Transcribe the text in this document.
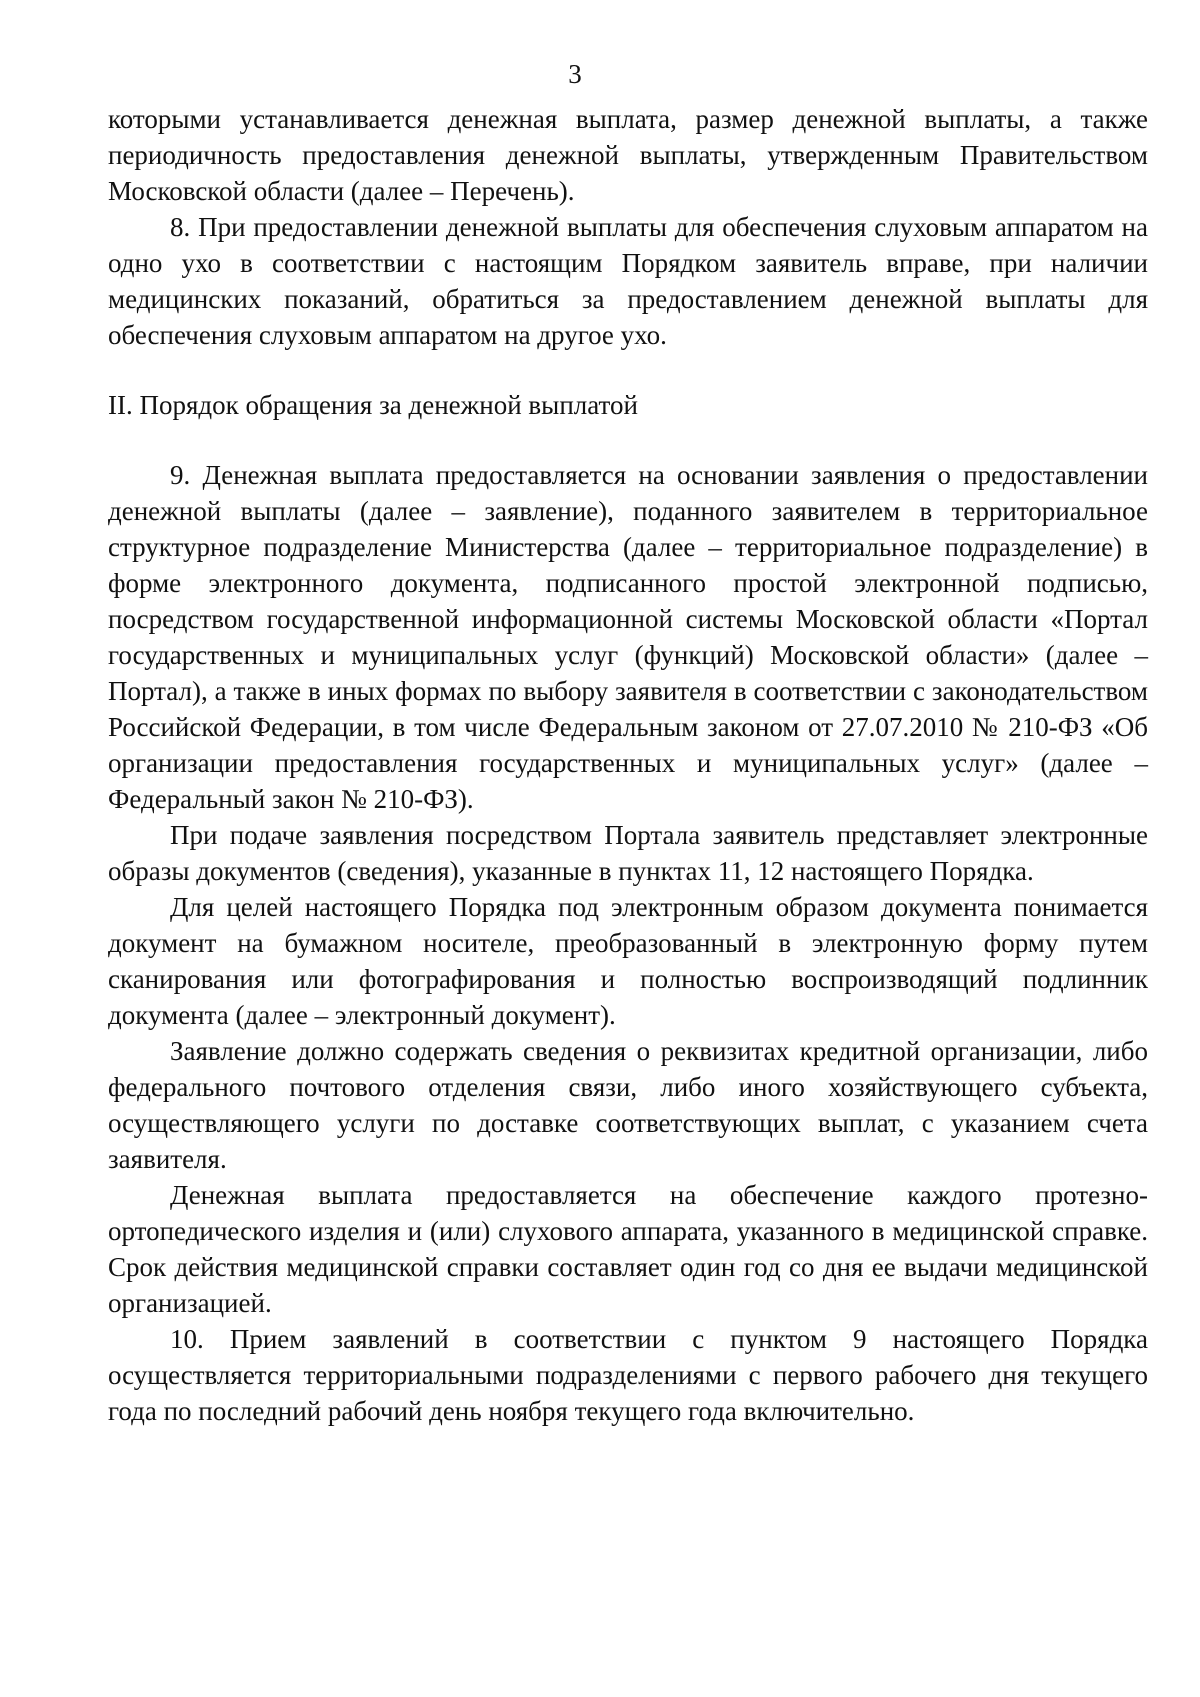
3

которыми устанавливается денежная выплата, размер денежной выплаты, а также периодичность предоставления денежной выплаты, утвержденным Правительством Московской области (далее – Перечень).

8. При предоставлении денежной выплаты для обеспечения слуховым аппаратом на одно ухо в соответствии с настоящим Порядком заявитель вправе, при наличии медицинских показаний, обратиться за предоставлением денежной выплаты для обеспечения слуховым аппаратом на другое ухо.

II. Порядок обращения за денежной выплатой

9. Денежная выплата предоставляется на основании заявления о предоставлении денежной выплаты (далее – заявление), поданного заявителем в территориальное структурное подразделение Министерства (далее – территориальное подразделение) в форме электронного документа, подписанного простой электронной подписью, посредством государственной информационной системы Московской области «Портал государственных и муниципальных услуг (функций) Московской области» (далее – Портал), а также в иных формах по выбору заявителя в соответствии с законодательством Российской Федерации, в том числе Федеральным законом от 27.07.2010 № 210-ФЗ «Об организации предоставления государственных и муниципальных услуг» (далее – Федеральный закон № 210-ФЗ).

При подаче заявления посредством Портала заявитель представляет электронные образы документов (сведения), указанные в пунктах 11, 12 настоящего Порядка.

Для целей настоящего Порядка под электронным образом документа понимается документ на бумажном носителе, преобразованный в электронную форму путем сканирования или фотографирования и полностью воспроизводящий подлинник документа (далее – электронный документ).

Заявление должно содержать сведения о реквизитах кредитной организации, либо федерального почтового отделения связи, либо иного хозяйствующего субъекта, осуществляющего услуги по доставке соответствующих выплат, с указанием счета заявителя.

Денежная выплата предоставляется на обеспечение каждого протезно-ортопедического изделия и (или) слухового аппарата, указанного в медицинской справке. Срок действия медицинской справки составляет один год со дня ее выдачи медицинской организацией.

10. Прием заявлений в соответствии с пунктом 9 настоящего Порядка осуществляется территориальными подразделениями с первого рабочего дня текущего года по последний рабочий день ноября текущего года включительно.
